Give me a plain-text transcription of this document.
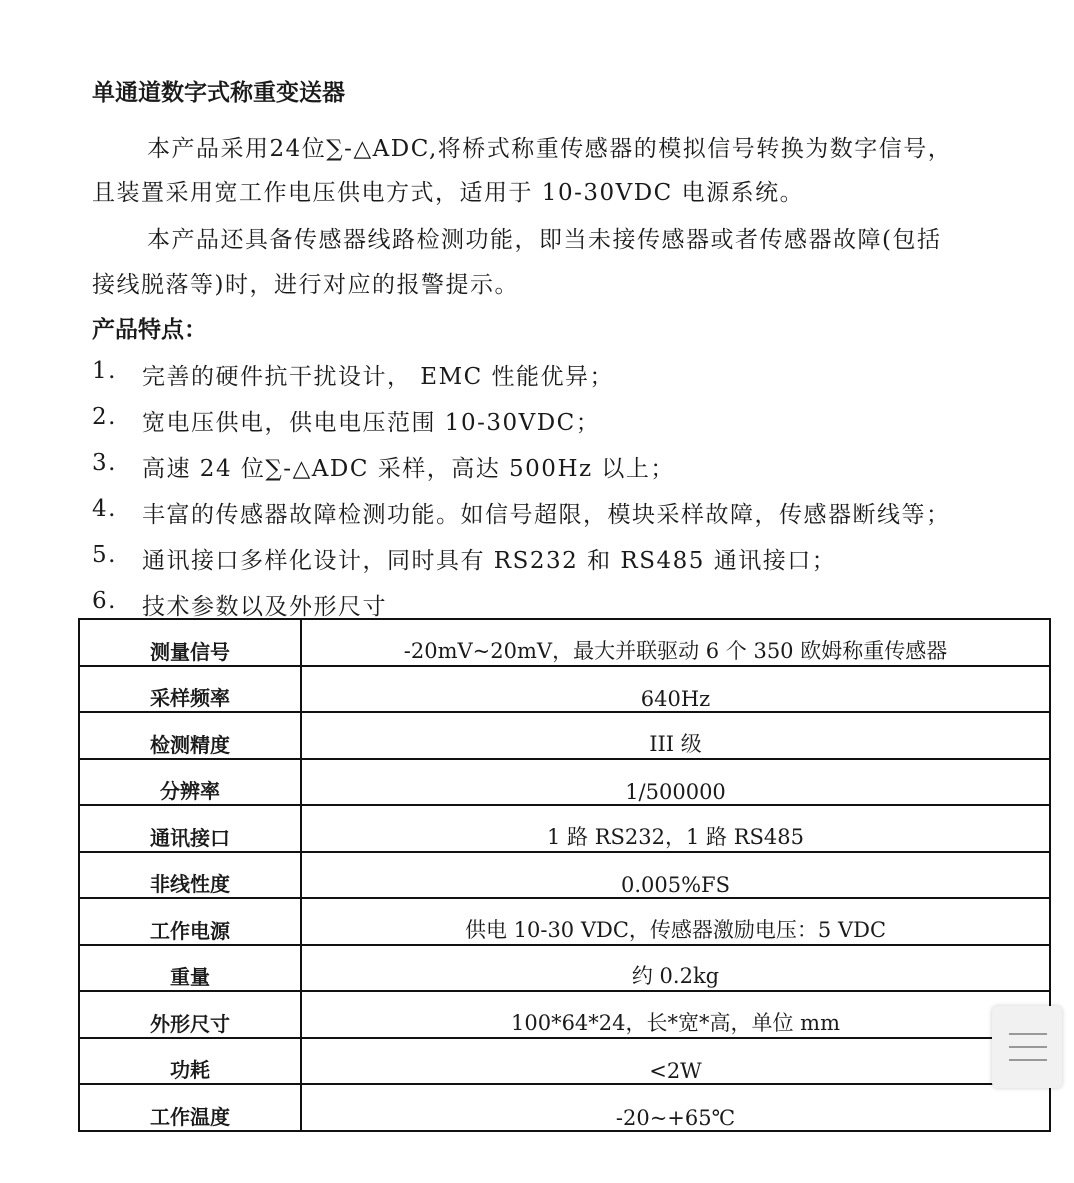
单通道数字式称重变送器
本产品采用24位∑-△ADC,将桥式称重传感器的模拟信号转换为数字信号，
且装置采用宽工作电压供电方式，适用于 10-30VDC 电源系统。
本产品还具备传感器线路检测功能，即当未接传感器或者传感器故障(包括
接线脱落等)时，进行对应的报警提示。
产品特点：
1. 完善的硬件抗干扰设计， EMC 性能优异；
2. 宽电压供电，供电电压范围 10-30VDC；
3. 高速 24 位∑-△ADC 采样，高达 500Hz 以上；
4. 丰富的传感器故障检测功能。如信号超限，模块采样故障，传感器断线等；
5. 通讯接口多样化设计，同时具有 RS232 和 RS485 通讯接口；
6. 技术参数以及外形尺寸
测量信号	-20mV~20mV，最大并联驱动 6 个 350 欧姆称重传感器
采样频率	640Hz
检测精度	III 级
分辨率	1/500000
通讯接口	1 路 RS232，1 路 RS485
非线性度	0.005%FS
工作电源	供电 10-30 VDC，传感器激励电压：5 VDC
重量	约 0.2kg
外形尺寸	100*64*24，长*宽*高，单位 mm
功耗	<2W
工作温度	-20~+65℃
